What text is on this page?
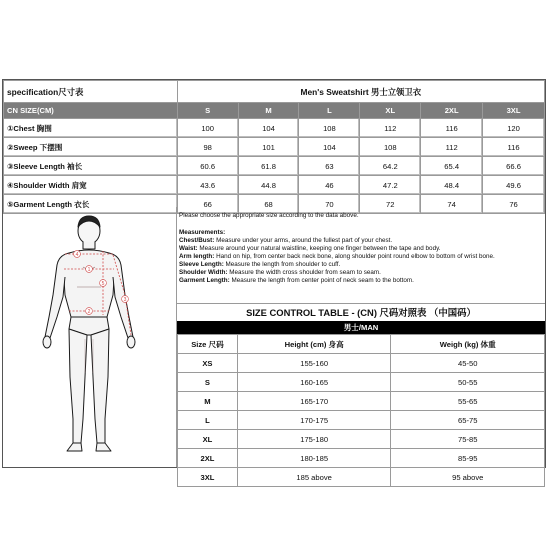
specification尺寸表	Men's Sweatshirt 男士立领卫衣					
CN SIZE(CM)	S	M	L	XL	2XL	3XL
①Chest 胸围	100	104	108	112	116	120
②Sweep 下摆围	98	101	104	108	112	116
③Sleeve Length 袖长	60.6	61.8	63	64.2	65.4	66.6
④Shoulder Width 肩宽	43.6	44.8	46	47.2	48.4	49.6
⑤Garment Length 衣长	66	68	70	72	74	76
4
1
5
3
2
Please choose the appropriate size according to the data above.
Measurements:
Chest/Bust: Measure under your arms, around the fullest part of your chest.
Waist: Measure around your natural waistline, keeping one finger between the tape and body.
Arm length: Hand on hip, from center back neck bone, along shoulder point round elbow to bottom of wrist bone.
Sleeve Length: Measure the length from shoulder to cuff.
Shoulder Width: Measure the width cross shoulder from seam to seam.
Garment Length: Measure the length from center point of neck seam to the bottom.
SIZE CONTROL TABLE - (CN) 尺码对照表 （中国码）
男士/MAN
Size 尺码	Height (cm) 身高	Weigh (kg) 体重
XS	155-160	45-50
S	160-165	50-55
M	165-170	55-65
L	170-175	65-75
XL	175-180	75-85
2XL	180-185	85-95
3XL	185 above	95 above
